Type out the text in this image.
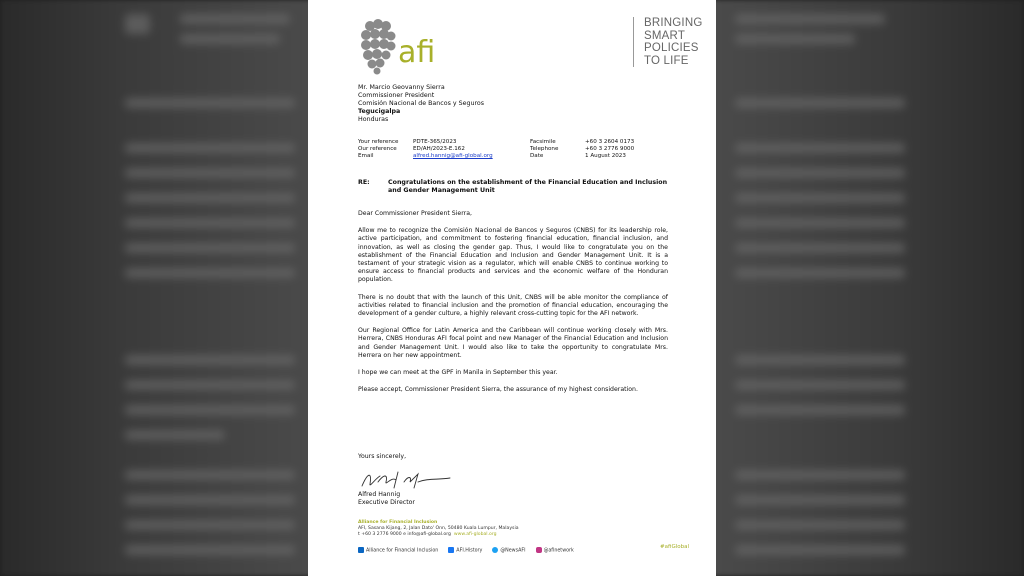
afi
BRINGING
SMART
POLICIES
TO LIFE
Mr. Marcio Geovanny Sierra
Commissioner President
Comisión Nacional de Bancos y Seguros
Tegucigalpa
Honduras
Your reference	PDTE-365/2023
Our reference	ED/AH/2023-E.162
Email	alfred.hannig@afi-global.org
Facsimile	+60 3 2604 0173
Telephone	+60 3 2776 9000
Date	1 August 2023
RE:	Congratulations on the establishment of the Financial Education and Inclusion and Gender Management Unit

Dear Commissioner President Sierra,

Allow me to recognize the Comisión Nacional de Bancos y Seguros (CNBS) for its leadership role, active participation, and commitment to fostering financial education, financial inclusion, and innovation, as well as closing the gender gap. Thus, I would like to congratulate you on the establishment of the Financial Education and Inclusion and Gender Management Unit. It is a testament of your strategic vision as a regulator, which will enable CNBS to continue working to ensure access to financial products and services and the economic welfare of the Honduran population.

There is no doubt that with the launch of this Unit, CNBS will be able monitor the compliance of activities related to financial inclusion and the promotion of financial education, encouraging the development of a gender culture, a highly relevant cross-cutting topic for the AFI network.

Our Regional Office for Latin America and the Caribbean will continue working closely with Mrs. Herrera, CNBS Honduras AFI focal point and new Manager of the Financial Education and Inclusion and Gender Management Unit. I would also like to take the opportunity to congratulate Mrs. Herrera on her new appointment.

I hope we can meet at the GPF in Manila in September this year.

Please accept, Commissioner President Sierra, the assurance of my highest consideration.

Yours sincerely,
Alfred Hannig
Executive Director
Alliance for Financial Inclusion
AFI, Sasana Kijang, 2, Jalan Dato' Onn, 50480 Kuala Lumpur, Malaysia
t +60 3 2776 9000 e info@afi-global.org www.afi-global.org
Alliance for Financial Inclusion	AFI.History	@NewsAFI	@afinetwork
#afiGlobal
